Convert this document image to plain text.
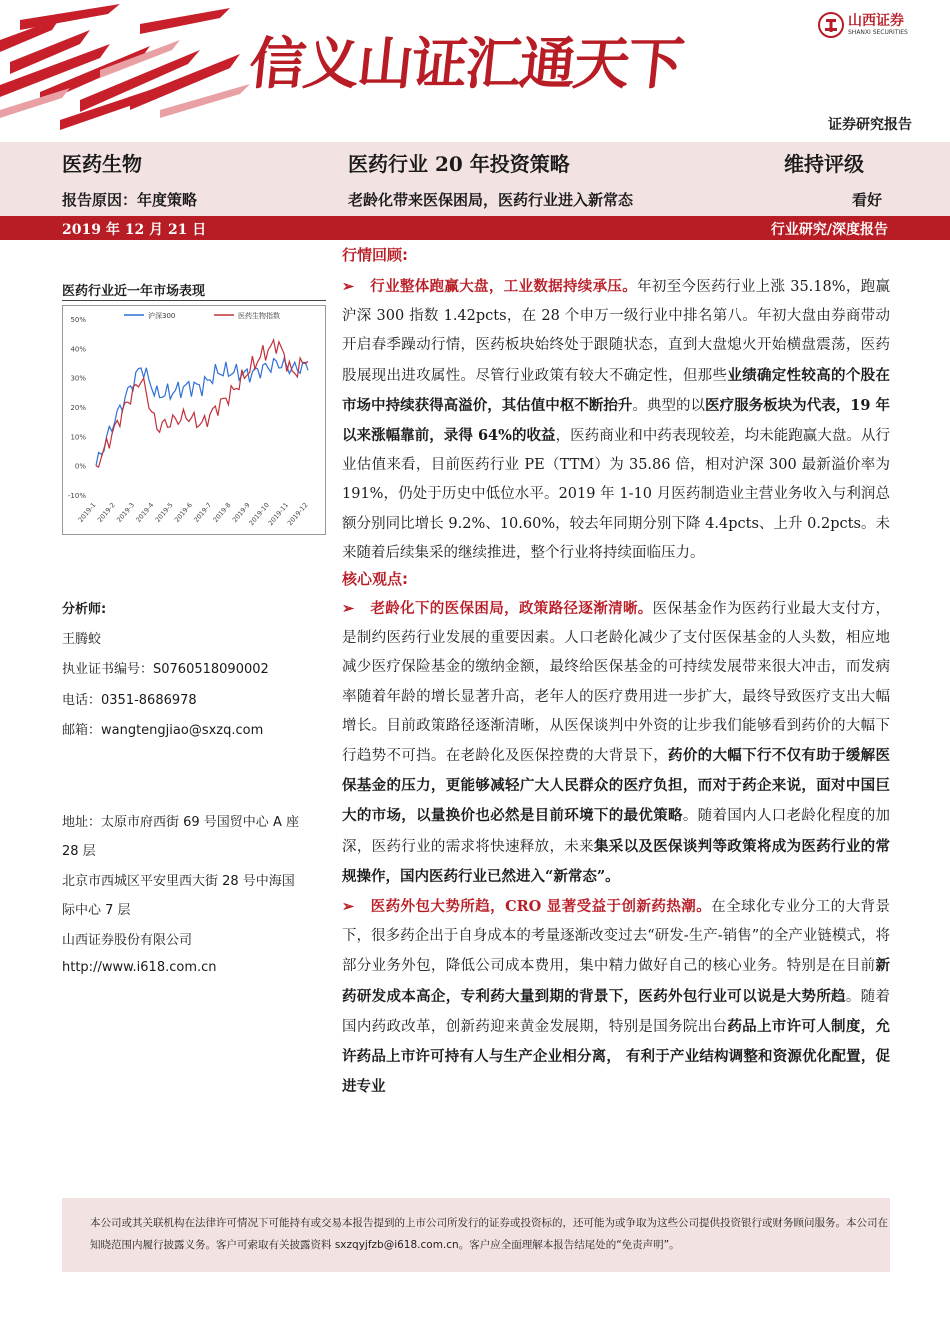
信义山证汇通天下
山西证券
SHANXI SECURITIES
证券研究报告
医药生物	医药行业 20 年投资策略	维持评级
报告原因：年度策略	老龄化带来医保困局，医药行业进入新常态	看好
2019 年 12 月 21 日	行业研究/深度报告
医药行业近一年市场表现
50%
40%
30%
20%
10%
0%
-10%
2019-1
2019-2
2019-3
2019-4
2019-5
2019-6
2019-7
2019-8
2019-9
2019-10
2019-11
2019-12
沪深300	医药生物指数
分析师:
王腾蛟
执业证书编号：S0760518090002
电话：0351-8686978
邮箱：wangtengjiao@sxzq.com
地址：太原市府西街 69 号国贸中心 A 座
28 层
北京市西城区平安里西大街 28 号中海国
际中心 7 层
山西证券股份有限公司
http://www.i618.com.cn
行情回顾:
➢   行业整体跑赢大盘，工业数据持续承压。年初至今医药行业上涨 35.18%，跑赢沪深 300 指数 1.42pcts，在 28 个申万一级行业中排名第八。年初大盘由券商带动开启春季躁动行情，医药板块始终处于跟随状态，直到大盘熄火开始横盘震荡，医药股展现出进攻属性。尽管行业政策有较大不确定性，但那些业绩确定性较高的个股在市场中持续获得高溢价，其估值中枢不断抬升。典型的以医疗服务板块为代表，19 年以来涨幅靠前，录得 64%的收益，医药商业和中药表现较差，均未能跑赢大盘。从行业估值来看，目前医药行业 PE（TTM）为 35.86 倍，相对沪深 300 最新溢价率为 191%，仍处于历史中低位水平。2019 年 1-10 月医药制造业主营业务收入与利润总额分别同比增长 9.2%、10.60%，较去年同期分别下降 4.4pcts、上升 0.2pcts。未来随着后续集采的继续推进，整个行业将持续面临压力。
核心观点:
➢   老龄化下的医保困局，政策路径逐渐清晰。医保基金作为医药行业最大支付方，是制约医药行业发展的重要因素。人口老龄化减少了支付医保基金的人头数，相应地减少医疗保险基金的缴纳金额，最终给医保基金的可持续发展带来很大冲击，而发病率随着年龄的增长显著升高，老年人的医疗费用进一步扩大，最终导致医疗支出大幅增长。目前政策路径逐渐清晰，从医保谈判中外资的让步我们能够看到药价的大幅下行趋势不可挡。在老龄化及医保控费的大背景下，药价的大幅下行不仅有助于缓解医保基金的压力，更能够减轻广大人民群众的医疗负担，而对于药企来说，面对中国巨大的市场，以量换价也必然是目前环境下的最优策略。随着国内人口老龄化程度的加深，医药行业的需求将快速释放，未来集采以及医保谈判等政策将成为医药行业的常规操作，国内医药行业已然进入“新常态”。
➢   医药外包大势所趋，CRO 显著受益于创新药热潮。在全球化专业分工的大背景下，很多药企出于自身成本的考量逐渐改变过去“研发-生产-销售”的全产业链模式，将部分业务外包，降低公司成本费用，集中精力做好自己的核心业务。特别是在目前新药研发成本高企，专利药大量到期的背景下，医药外包行业可以说是大势所趋。随着国内药政改革，创新药迎来黄金发展期，特别是国务院出台药品上市许可人制度，允许药品上市许可持有人与生产企业相分离， 有利于产业结构调整和资源优化配置，促进专业
本公司或其关联机构在法律许可情况下可能持有或交易本报告提到的上市公司所发行的证券或投资标的，还可能为或争取为这些公司提供投资银行或财务顾问服务。本公司在知晓范围内履行披露义务。客户可索取有关披露资料 sxzqyjfzb@i618.com.cn。客户应全面理解本报告结尾处的“免责声明”。
